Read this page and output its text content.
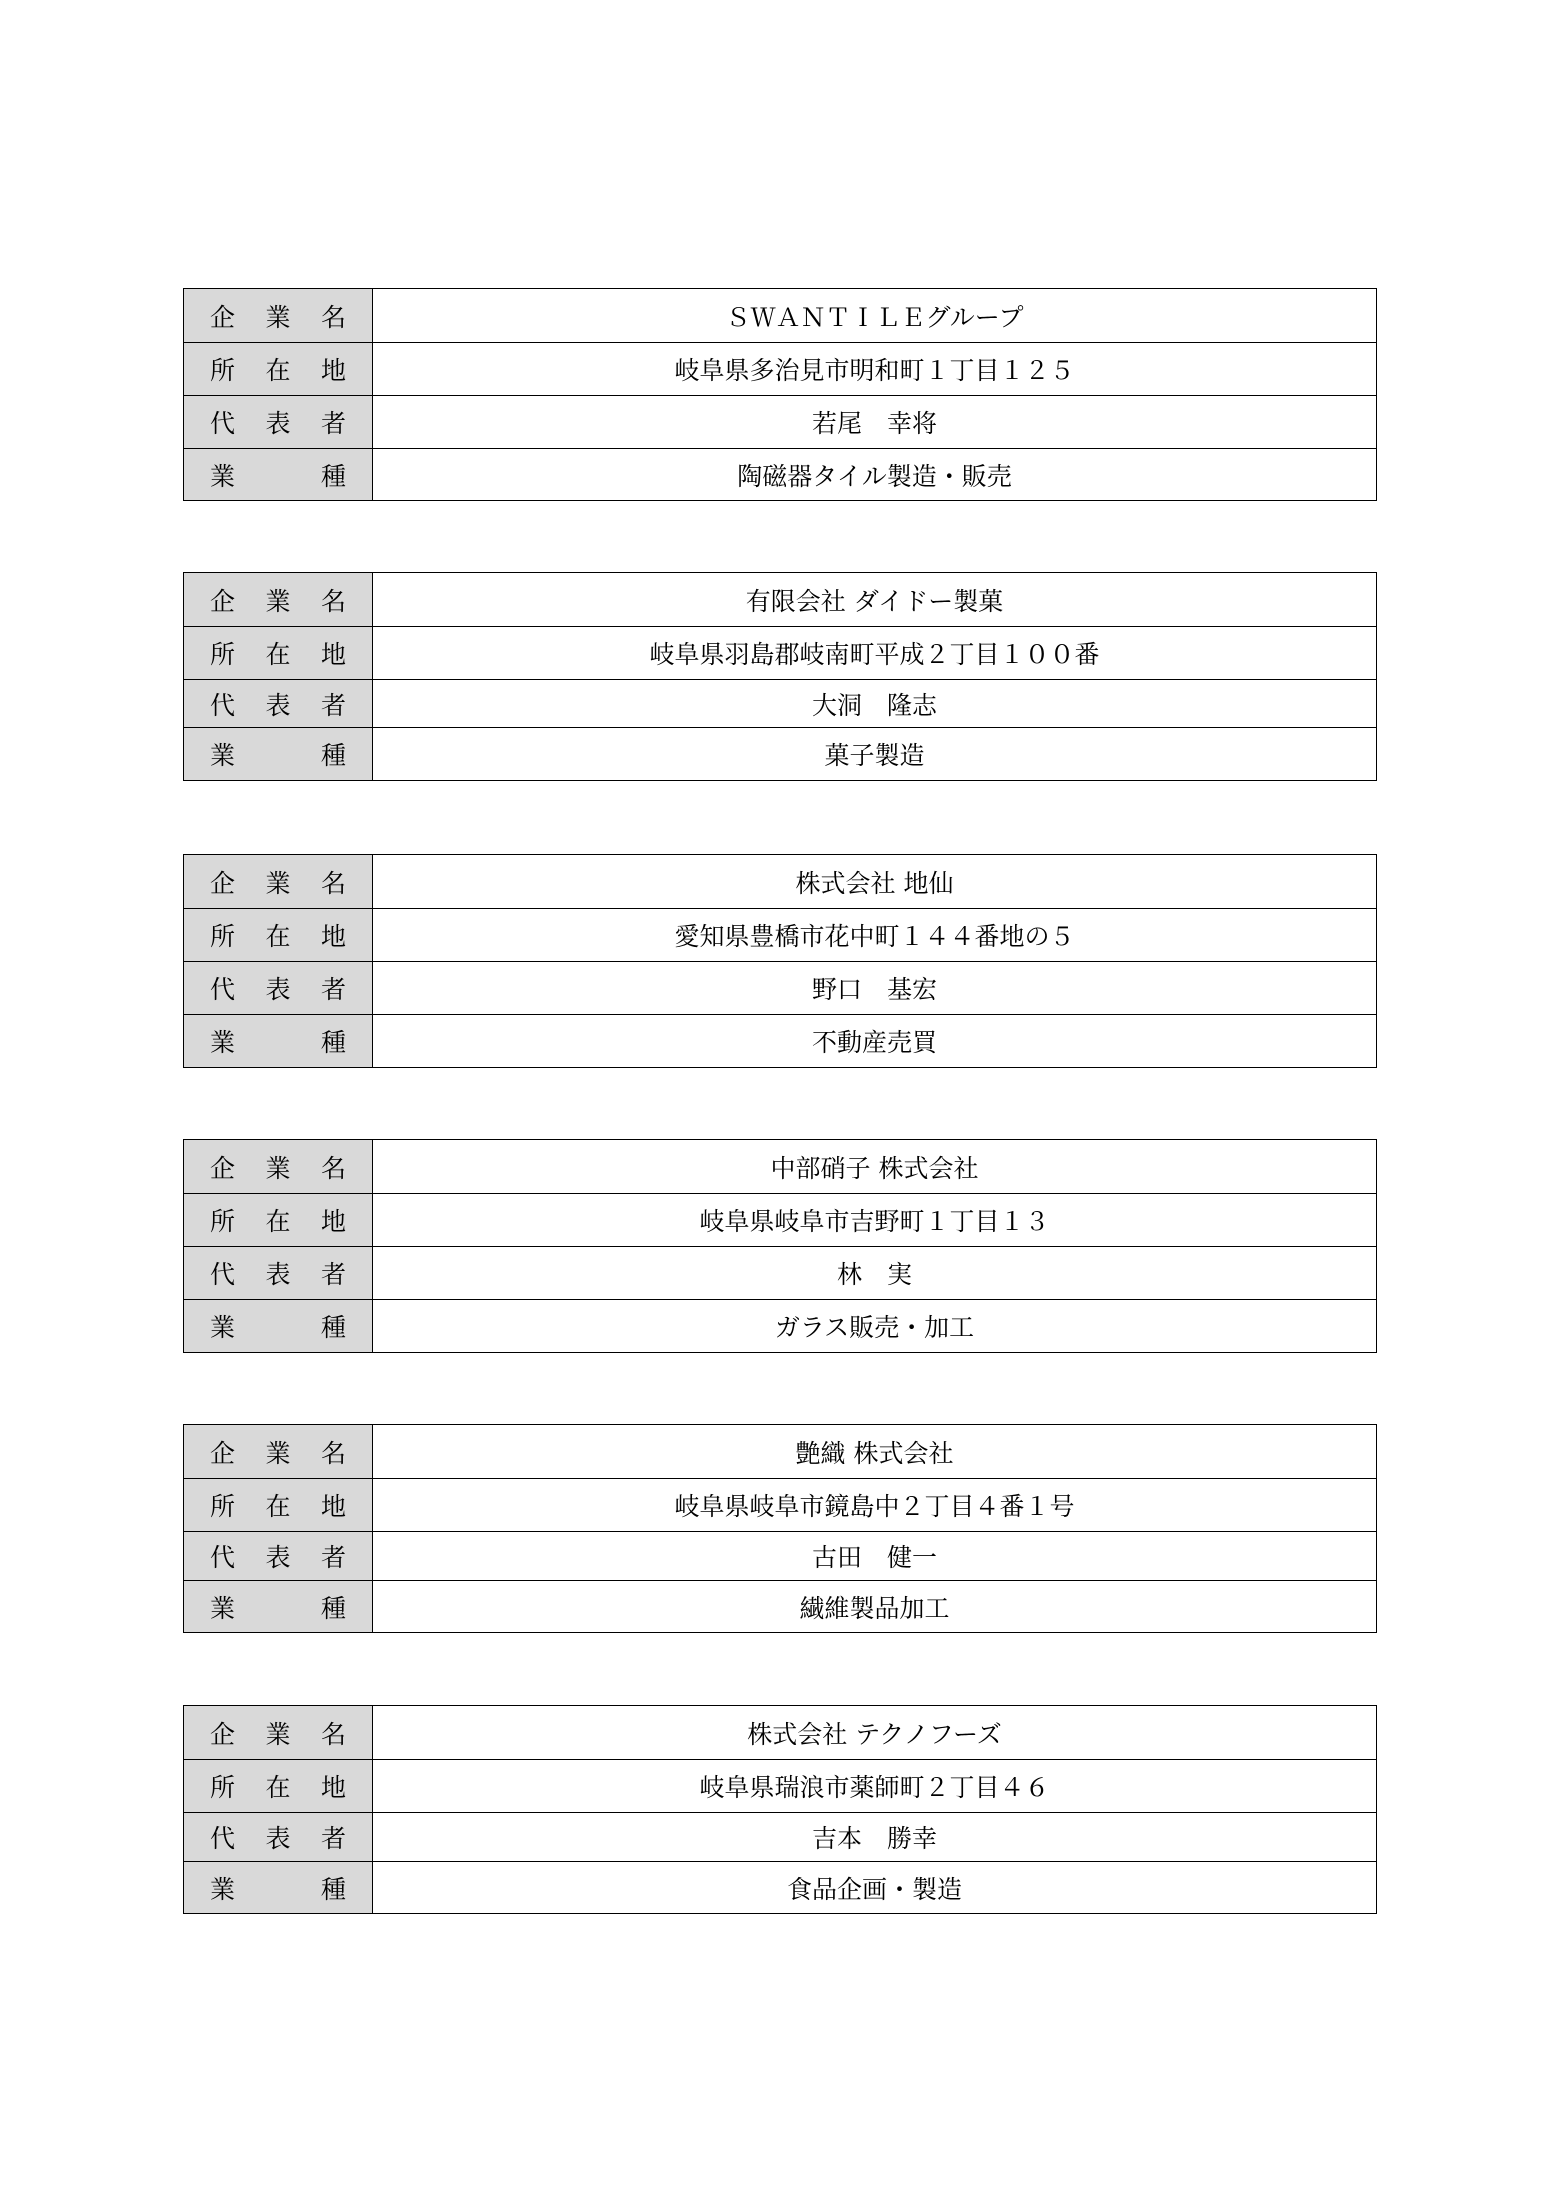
企 業 名	ＳＷＡＮＴＩＬＥグループ

所 在 地	岐阜県多治見市明和町１丁目１２５

代 表 者	若尾　幸将

業 種	陶磁器タイル製造・販売
企 業 名	有限会社 ダイドー製菓

所 在 地	岐阜県羽島郡岐南町平成２丁目１００番

代 表 者	大洞　隆志

業 種	菓子製造
企 業 名	株式会社 地仙

所 在 地	愛知県豊橋市花中町１４４番地の５

代 表 者	野口　基宏

業 種	不動産売買
企 業 名	中部硝子 株式会社

所 在 地	岐阜県岐阜市吉野町１丁目１３

代 表 者	林　実

業 種	ガラス販売・加工
企 業 名	艶織 株式会社

所 在 地	岐阜県岐阜市鏡島中２丁目４番１号

代 表 者	古田　健一

業 種	繊維製品加工
企 業 名	株式会社 テクノフーズ

所 在 地	岐阜県瑞浪市薬師町２丁目４６

代 表 者	吉本　勝幸

業 種	食品企画・製造
